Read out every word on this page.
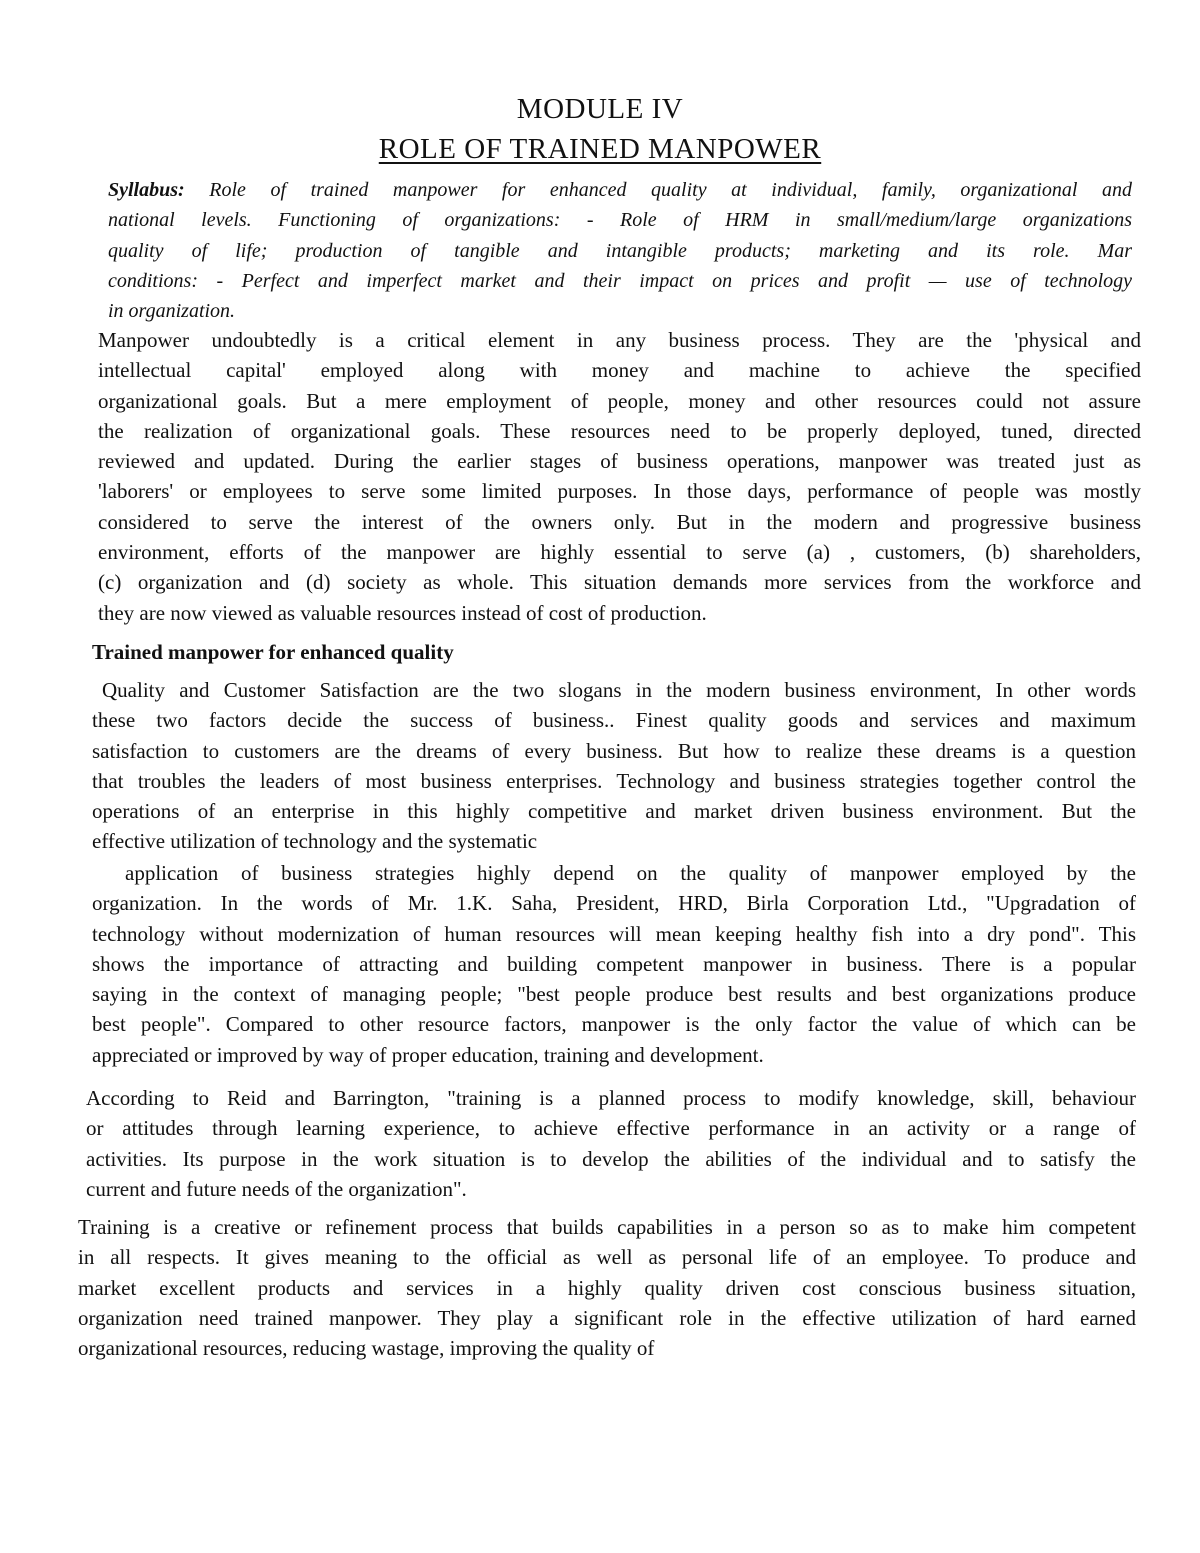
MODULE IV
ROLE OF TRAINED MANPOWER
Syllabus: Role of trained manpower for enhanced quality at individual, family, organizational and
national levels. Functioning of organizations: - Role of HRM in small/medium/large organizations
quality of life; production of tangible and intangible products; marketing and its role. Mar
conditions: - Perfect and imperfect market and their impact on prices and profit — use of technology
in organization.
Trained manpower for enhanced quality
Manpower undoubtedly is a critical element in any business process. They are the 'physical and
intellectual capital' employed along with money and machine to achieve the specified
organizational goals. But a mere employment of people, money and other resources could not assure
the realization of organizational goals. These resources need to be properly deployed, tuned, directed
reviewed and updated. During the earlier stages of business operations, manpower was treated just as
'laborers' or employees to serve some limited purposes. In those days, performance of people was mostly
considered to serve the interest of the owners only. But in the modern and progressive business
environment, efforts of the manpower are highly essential to serve (a) , customers, (b) shareholders,
(c) organization and (d) society as whole. This situation demands more services from the workforce and
they are now viewed as valuable resources instead of cost of production.
Quality and Customer Satisfaction are the two slogans in the modern business environment, In other words
these two factors decide the success of business.. Finest quality goods and services and maximum
satisfaction to customers are the dreams of every business. But how to realize these dreams is a question
that troubles the leaders of most business enterprises. Technology and business strategies together control the
operations of an enterprise in this highly competitive and market driven business environment. But the
effective utilization of technology and the systematic
application of business strategies highly depend on the quality of manpower employed by the
organization. In the words of Mr. 1.K. Saha, President, HRD, Birla Corporation Ltd., "Upgradation of
technology without modernization of human resources will mean keeping healthy fish into a dry pond". This
shows the importance of attracting and building competent manpower in business. There is a popular
saying in the context of managing people; "best people produce best results and best organizations produce
best people". Compared to other resource factors, manpower is the only factor the value of which can be
appreciated or improved by way of proper education, training and development.
According to Reid and Barrington, "training is a planned process to modify knowledge, skill, behaviour
or attitudes through learning experience, to achieve effective performance in an activity or a range of
activities. Its purpose in the work situation is to develop the abilities of the individual and to satisfy the
current and future needs of the organization".
Training is a creative or refinement process that builds capabilities in a person so as to make him competent
in all respects. It gives meaning to the official as well as personal life of an employee. To produce and
market excellent products and services in a highly quality driven cost conscious business situation,
organization need trained manpower. They play a significant role in the effective utilization of hard earned
organizational resources, reducing wastage, improving the quality of
